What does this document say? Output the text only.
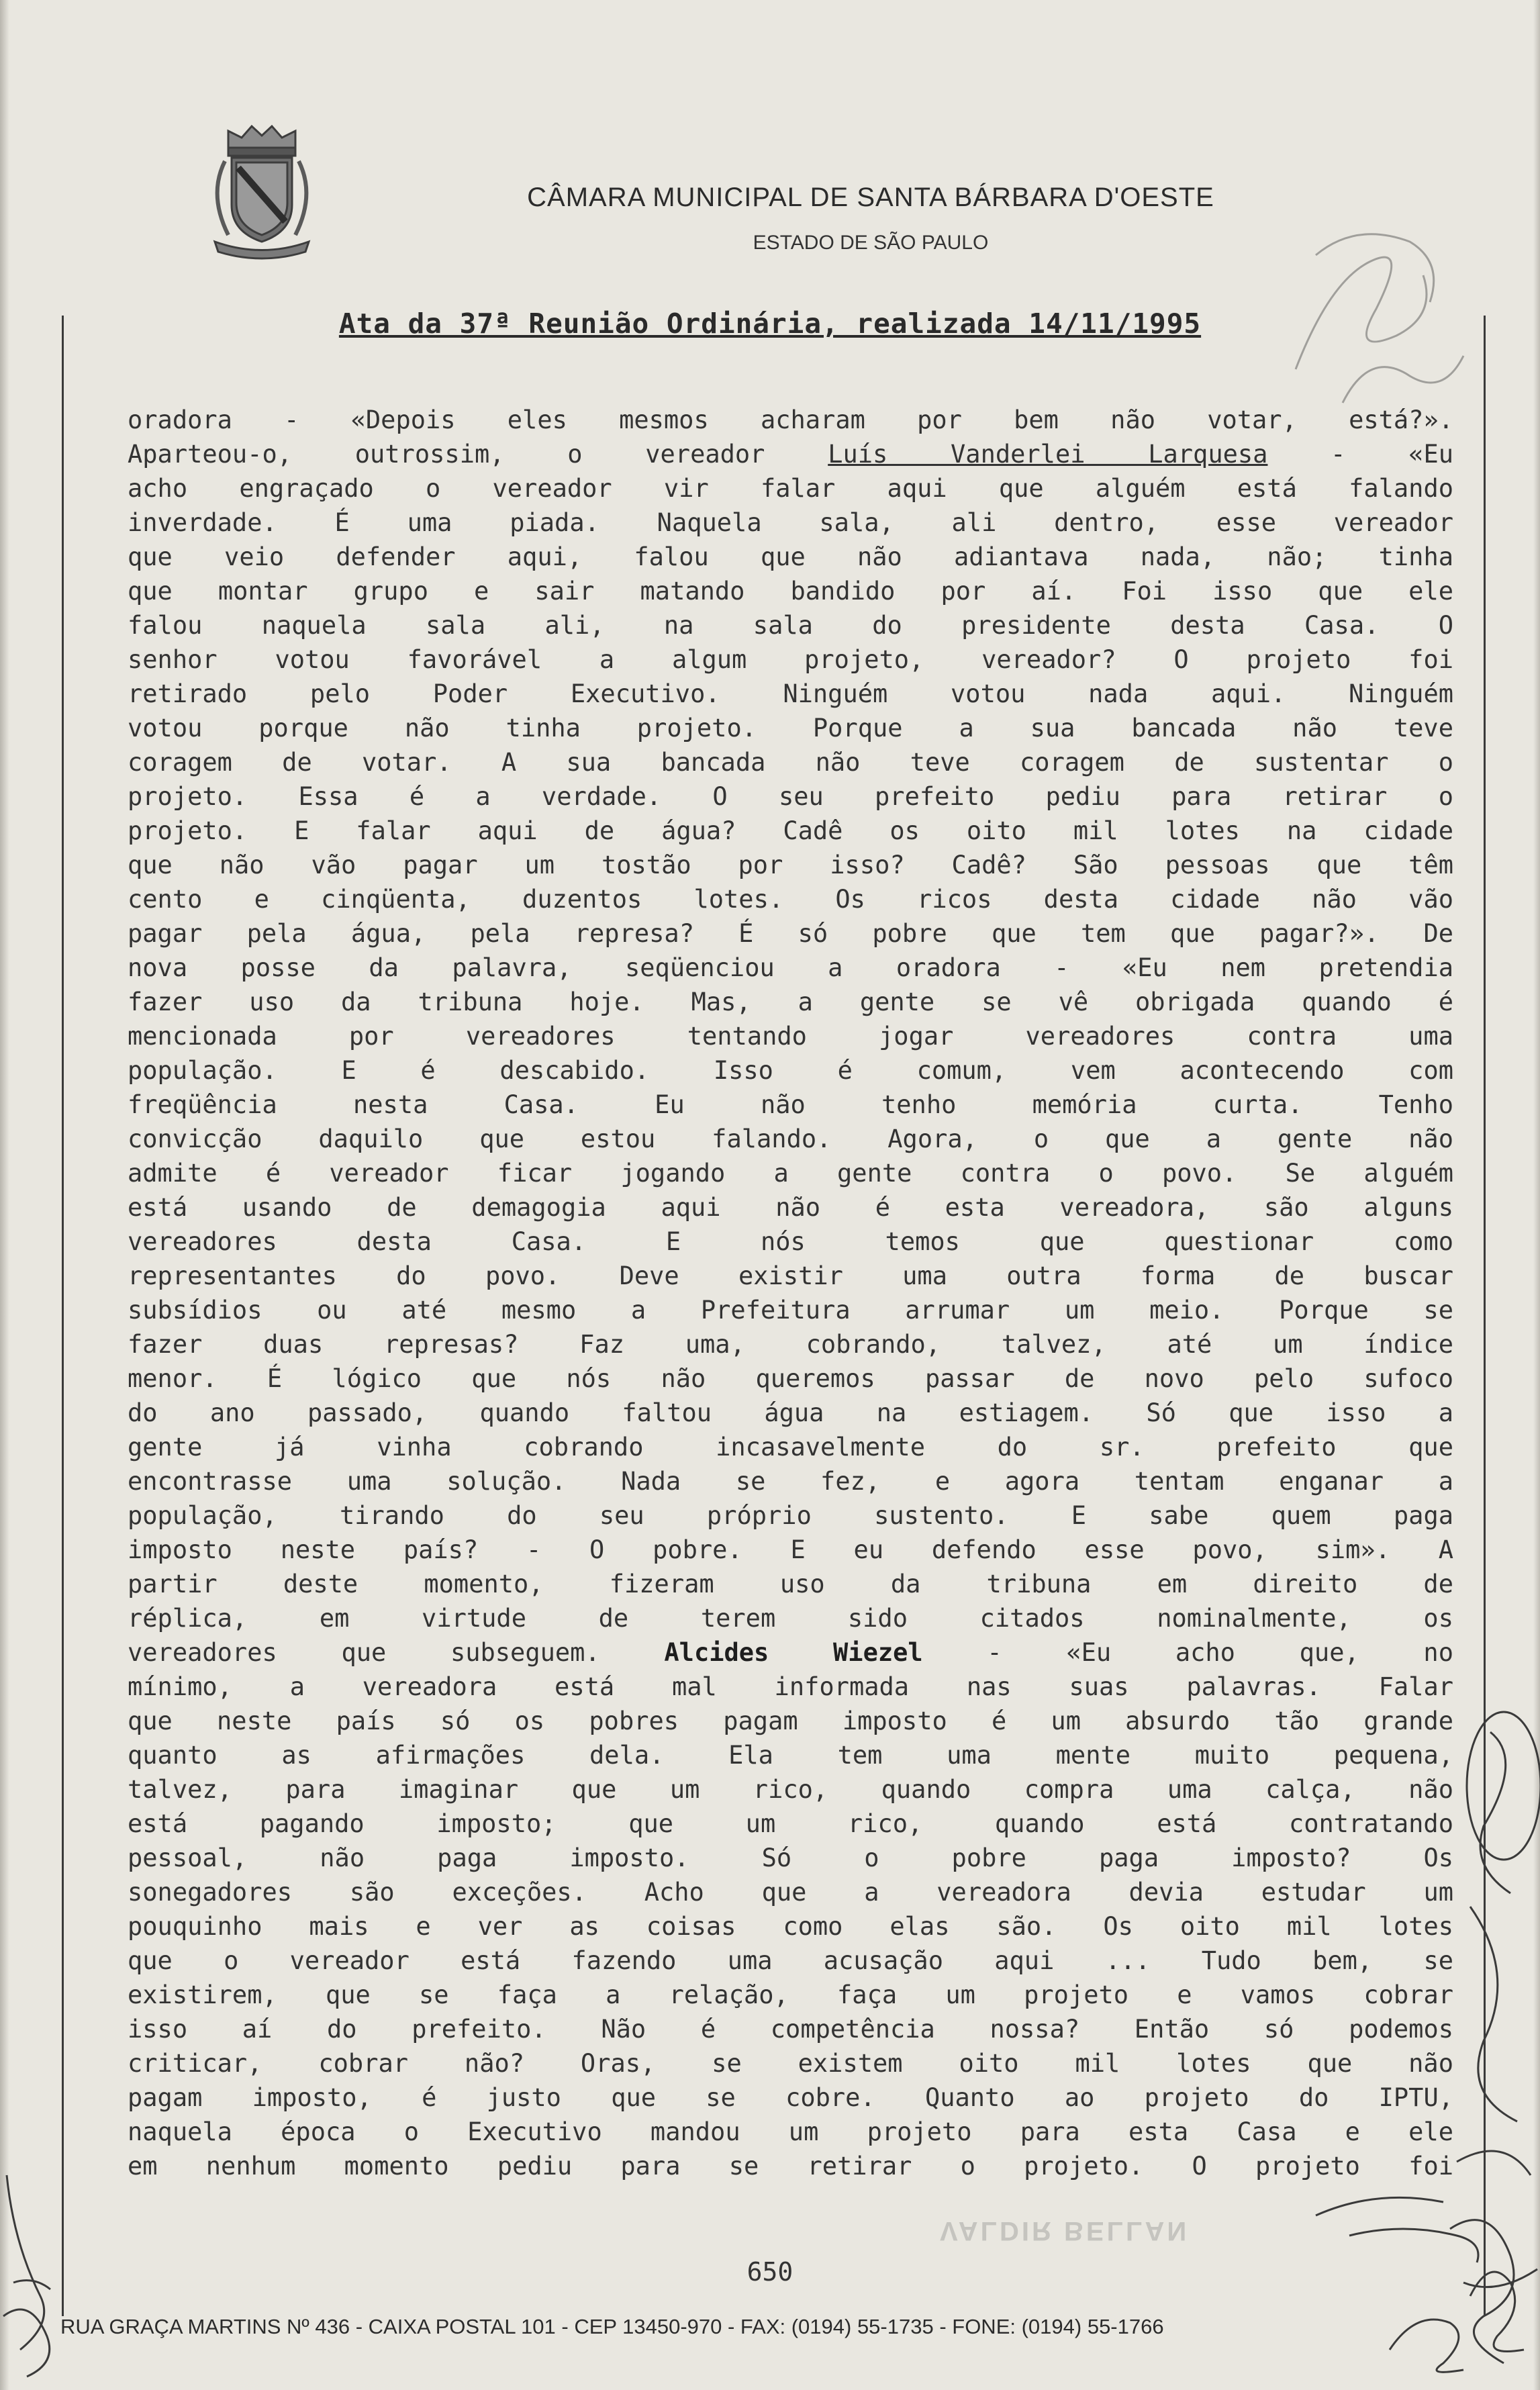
CÂMARA MUNICIPAL DE SANTA BÁRBARA D'OESTE
ESTADO DE SÃO PAULO
Ata da 37ª Reunião Ordinária, realizada 14/11/1995
oradora - «Depois eles mesmos acharam por bem não votar, está?».
Aparteou-o, outrossim, o vereador Luís Vanderlei Larquesa - «Eu
acho engraçado o vereador vir falar aqui que alguém está falando
inverdade. É uma piada. Naquela sala, ali dentro, esse vereador
que veio defender aqui, falou que não adiantava nada, não; tinha
que montar grupo e sair matando bandido por aí. Foi isso que ele
falou naquela sala ali, na sala do presidente desta Casa. O
senhor votou favorável a algum projeto, vereador? O projeto foi
retirado pelo Poder Executivo. Ninguém votou nada aqui. Ninguém
votou porque não tinha projeto. Porque a sua bancada não teve
coragem de votar. A sua bancada não teve coragem de sustentar o
projeto. Essa é a verdade. O seu prefeito pediu para retirar o
projeto. E falar aqui de água? Cadê os oito mil lotes na cidade
que não vão pagar um tostão por isso? Cadê? São pessoas que têm
cento e cinqüenta, duzentos lotes. Os ricos desta cidade não vão
pagar pela água, pela represa? É só pobre que tem que pagar?». De
nova posse da palavra, seqüenciou a oradora - «Eu nem pretendia
fazer uso da tribuna hoje. Mas, a gente se vê obrigada quando é
mencionada por vereadores tentando jogar vereadores contra uma
população. E é descabido. Isso é comum, vem acontecendo com
freqüência nesta Casa. Eu não tenho memória curta. Tenho
convicção daquilo que estou falando. Agora, o que a gente não
admite é vereador ficar jogando a gente contra o povo. Se alguém
está usando de demagogia aqui não é esta vereadora, são alguns
vereadores desta Casa. E nós temos que questionar como
representantes do povo. Deve existir uma outra forma de buscar
subsídios ou até mesmo a Prefeitura arrumar um meio. Porque se
fazer duas represas? Faz uma, cobrando, talvez, até um índice
menor. É lógico que nós não queremos passar de novo pelo sufoco
do ano passado, quando faltou água na estiagem. Só que isso a
gente já vinha cobrando incasavelmente do sr. prefeito que
encontrasse uma solução. Nada se fez, e agora tentam enganar a
população, tirando do seu próprio sustento. E sabe quem paga
imposto neste país? - O pobre. E eu defendo esse povo, sim». A
partir deste momento, fizeram uso da tribuna em direito de
réplica, em virtude de terem sido citados nominalmente, os
vereadores que subseguem. Alcides Wiezel - «Eu acho que, no
mínimo, a vereadora está mal informada nas suas palavras. Falar
que neste país só os pobres pagam imposto é um absurdo tão grande
quanto as afirmações dela. Ela tem uma mente muito pequena,
talvez, para imaginar que um rico, quando compra uma calça, não
está pagando imposto; que um rico, quando está contratando
pessoal, não paga imposto. Só o pobre paga imposto? Os
sonegadores são exceções. Acho que a vereadora devia estudar um
pouquinho mais e ver as coisas como elas são. Os oito mil lotes
que o vereador está fazendo uma acusação aqui ... Tudo bem, se
existirem, que se faça a relação, faça um projeto e vamos cobrar
isso aí do prefeito. Não é competência nossa? Então só podemos
criticar, cobrar não? Oras, se existem oito mil lotes que não
pagam imposto, é justo que se cobre. Quanto ao projeto do IPTU,
naquela época o Executivo mandou um projeto para esta Casa e ele
em nenhum momento pediu para se retirar o projeto. O projeto foi
VALDIR BELLAN
650
RUA GRAÇA MARTINS Nº 436 - CAIXA POSTAL 101 - CEP 13450-970 - FAX: (0194) 55-1735 - FONE: (0194) 55-1766
